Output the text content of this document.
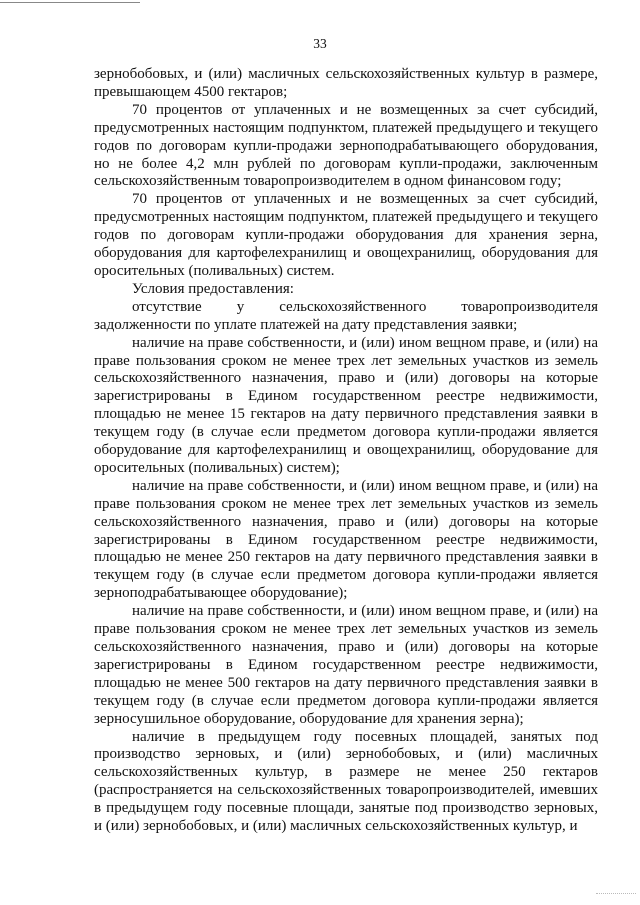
33

зернобобовых, и (или) масличных сельскохозяйственных культур в размере, превышающем 4500 гектаров;

70 процентов от уплаченных и не возмещенных за счет субсидий, предусмотренных настоящим подпунктом, платежей предыдущего и текущего годов по договорам купли-продажи зерноподрабатывающего оборудования, но не более 4,2 млн рублей по договорам купли-продажи, заключенным сельскохозяйственным товаропроизводителем в одном финансовом году;

70 процентов от уплаченных и не возмещенных за счет субсидий, предусмотренных настоящим подпунктом, платежей предыдущего и текущего годов по договорам купли-продажи оборудования для хранения зерна, оборудования для картофелехранилищ и овощехранилищ, оборудования для оросительных (поливальных) систем.

Условия предоставления:

отсутствие у сельскохозяйственного товаропроизводителя задолженности по уплате платежей на дату представления заявки;

наличие на праве собственности, и (или) ином вещном праве, и (или) на праве пользования сроком не менее трех лет земельных участков из земель сельскохозяйственного назначения, право и (или) договоры на которые зарегистрированы в Едином государственном реестре недвижимости, площадью не менее 15 гектаров на дату первичного представления заявки в текущем году (в случае если предметом договора купли-продажи является оборудование для картофелехранилищ и овощехранилищ, оборудование для оросительных (поливальных) систем);

наличие на праве собственности, и (или) ином вещном праве, и (или) на праве пользования сроком не менее трех лет земельных участков из земель сельскохозяйственного назначения, право и (или) договоры на которые зарегистрированы в Едином государственном реестре недвижимости, площадью не менее 250 гектаров на дату первичного представления заявки в текущем году (в случае если предметом договора купли-продажи является зерноподрабатывающее оборудование);

наличие на праве собственности, и (или) ином вещном праве, и (или) на праве пользования сроком не менее трех лет земельных участков из земель сельскохозяйственного назначения, право и (или) договоры на которые зарегистрированы в Едином государственном реестре недвижимости, площадью не менее 500 гектаров на дату первичного представления заявки в текущем году (в случае если предметом договора купли-продажи является зерносушильное оборудование, оборудование для хранения зерна);

наличие в предыдущем году посевных площадей, занятых под производство зерновых, и (или) зернобобовых, и (или) масличных сельскохозяйственных культур, в размере не менее 250 гектаров (распространяется на сельскохозяйственных товаропроизводителей, имевших в предыдущем году посевные площади, занятые под производство зерновых, и (или) зернобобовых, и (или) масличных сельскохозяйственных культур, и
